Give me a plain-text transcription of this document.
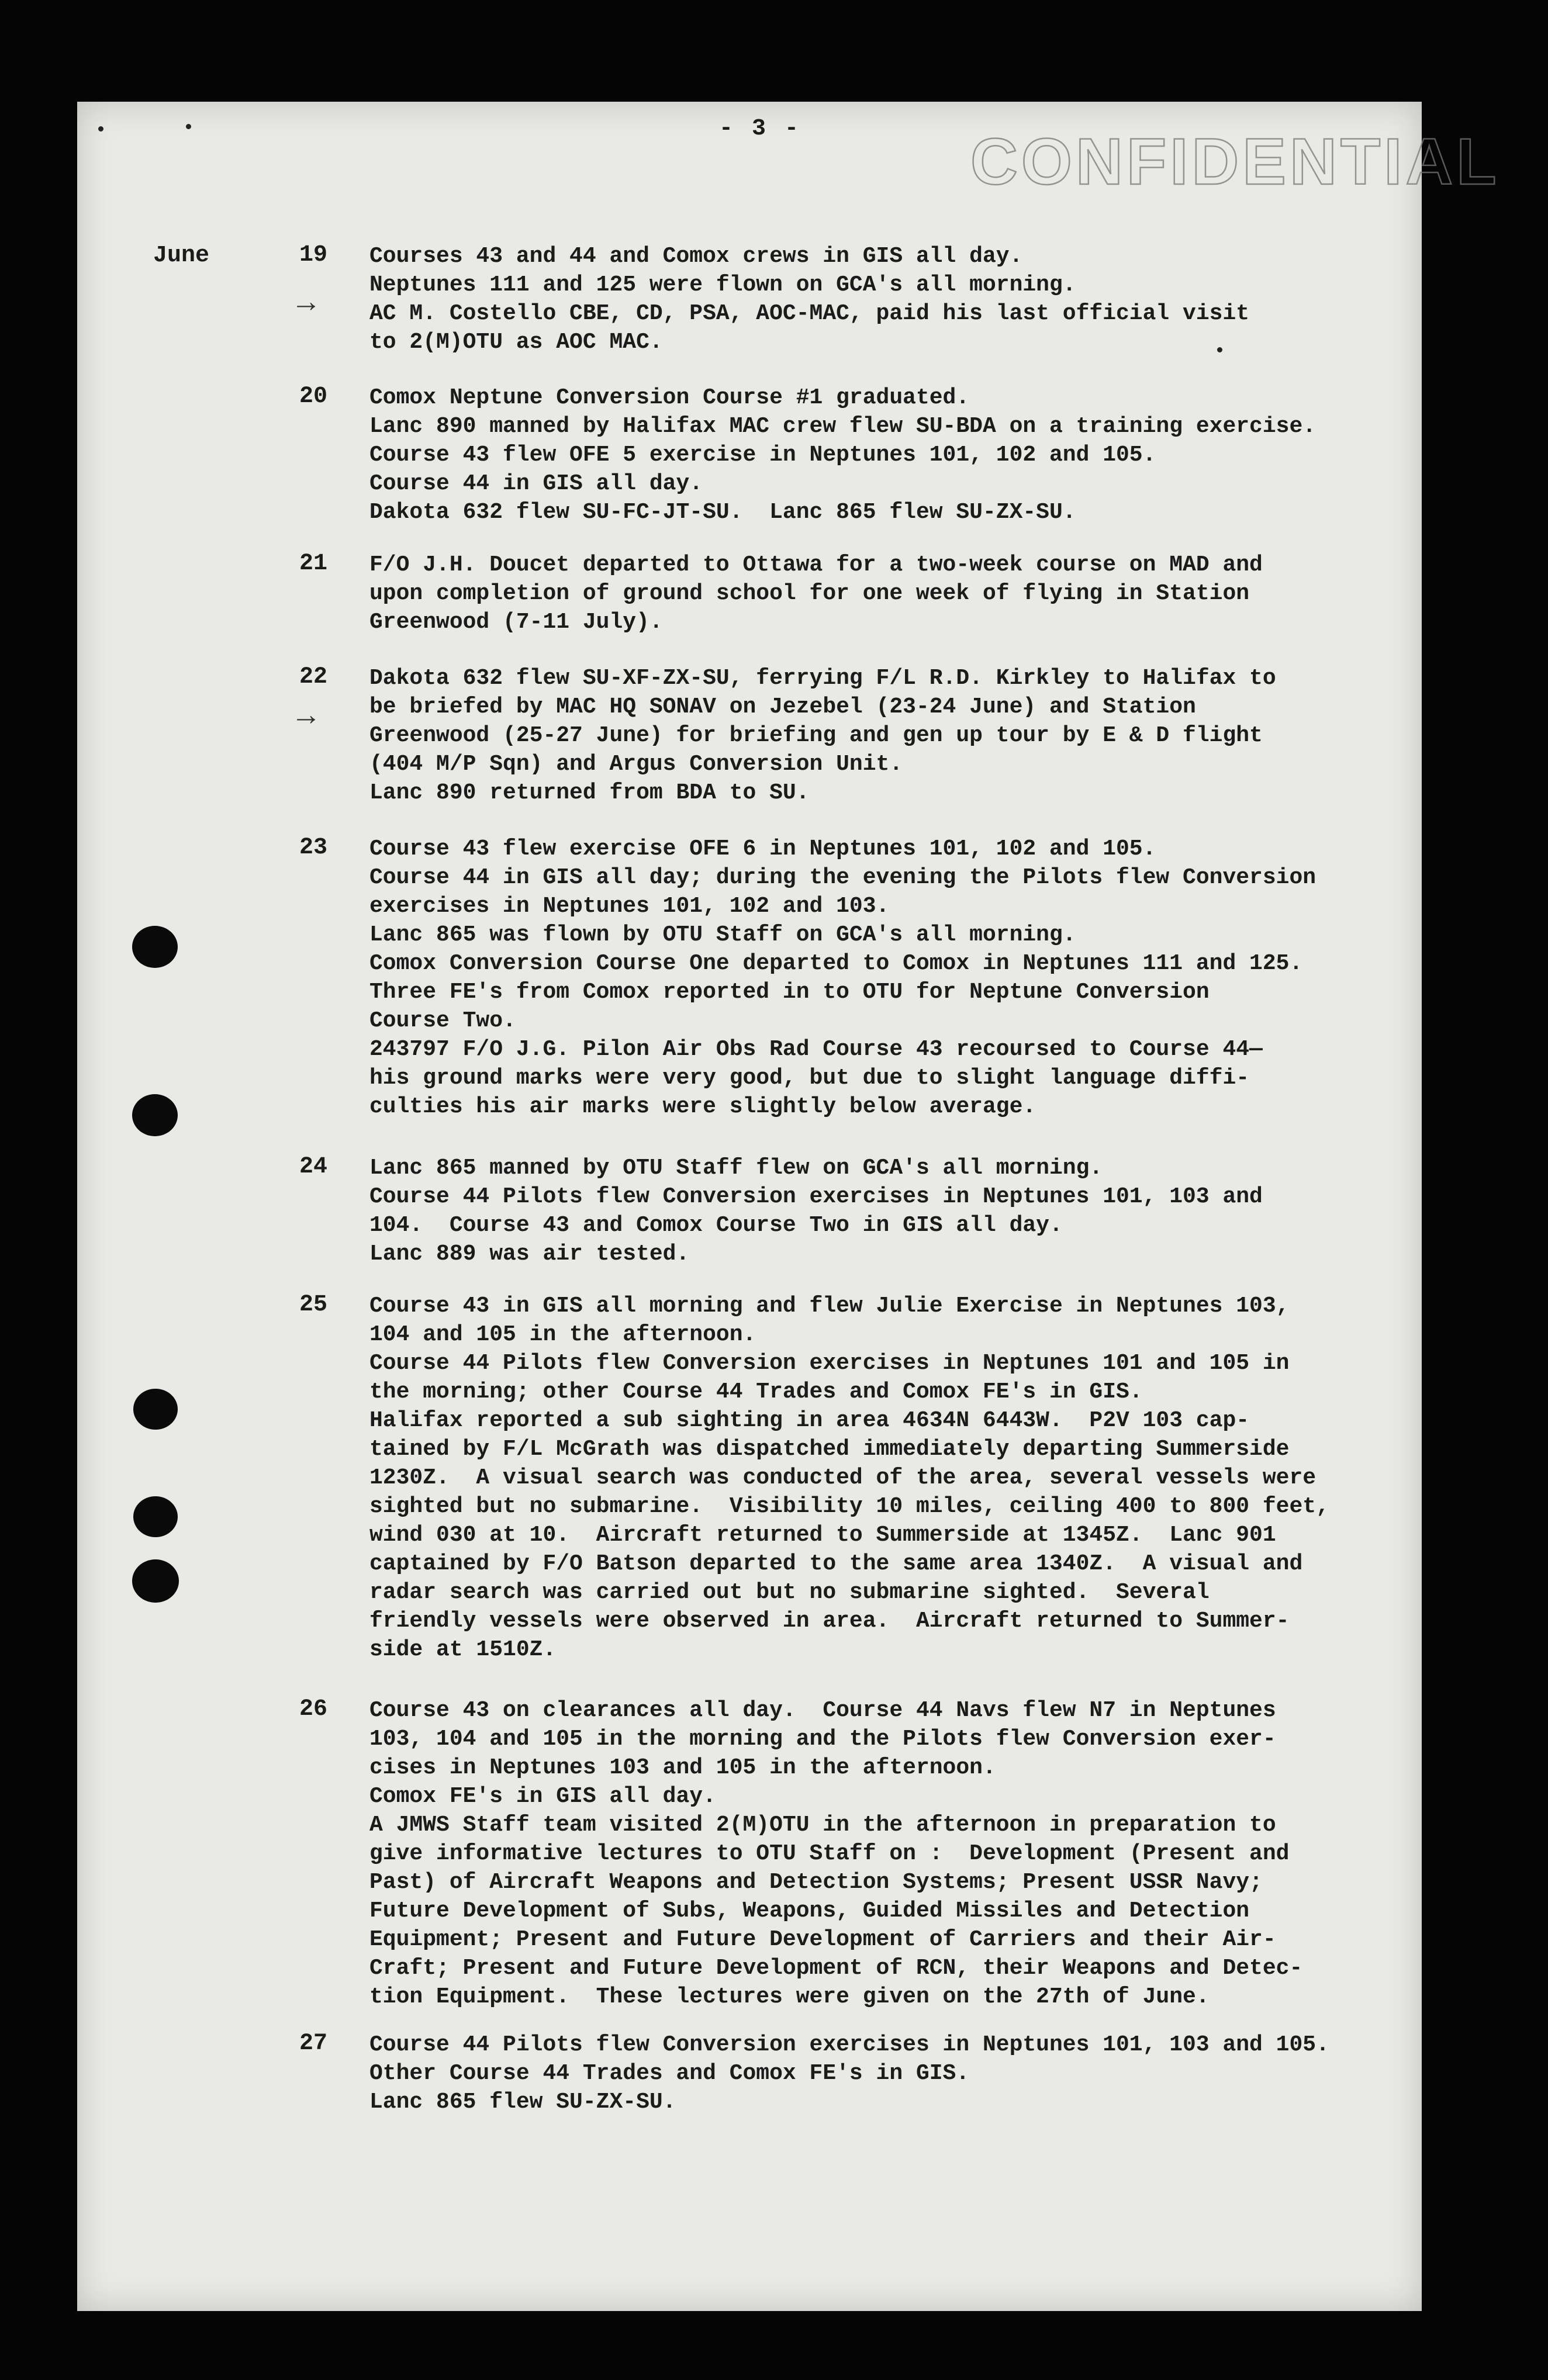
- 3 -	CONFIDENTIAL
June
→
→
19 Courses 43 and 44 and Comox crews in GIS all day.
Neptunes 111 and 125 were flown on GCA's all morning.
AC M. Costello CBE, CD, PSA, AOC-MAC, paid his last official visit
to 2(M)OTU as AOC MAC.
20 Comox Neptune Conversion Course #1 graduated.
Lanc 890 manned by Halifax MAC crew flew SU-BDA on a training exercise.
Course 43 flew OFE 5 exercise in Neptunes 101, 102 and 105.
Course 44 in GIS all day.
Dakota 632 flew SU-FC-JT-SU.  Lanc 865 flew SU-ZX-SU.
21 F/O J.H. Doucet departed to Ottawa for a two-week course on MAD and
upon completion of ground school for one week of flying in Station
Greenwood (7-11 July).
22 Dakota 632 flew SU-XF-ZX-SU, ferrying F/L R.D. Kirkley to Halifax to
be briefed by MAC HQ SONAV on Jezebel (23-24 June) and Station
Greenwood (25-27 June) for briefing and gen up tour by E & D flight
(404 M/P Sqn) and Argus Conversion Unit.
Lanc 890 returned from BDA to SU.
23 Course 43 flew exercise OFE 6 in Neptunes 101, 102 and 105.
Course 44 in GIS all day; during the evening the Pilots flew Conversion
exercises in Neptunes 101, 102 and 103.
Lanc 865 was flown by OTU Staff on GCA's all morning.
Comox Conversion Course One departed to Comox in Neptunes 111 and 125.
Three FE's from Comox reported in to OTU for Neptune Conversion
Course Two.
243797 F/O J.G. Pilon Air Obs Rad Course 43 recoursed to Course 44—
his ground marks were very good, but due to slight language diffi-
culties his air marks were slightly below average.
24 Lanc 865 manned by OTU Staff flew on GCA's all morning.
Course 44 Pilots flew Conversion exercises in Neptunes 101, 103 and
104.  Course 43 and Comox Course Two in GIS all day.
Lanc 889 was air tested.
25 Course 43 in GIS all morning and flew Julie Exercise in Neptunes 103,
104 and 105 in the afternoon.
Course 44 Pilots flew Conversion exercises in Neptunes 101 and 105 in
the morning; other Course 44 Trades and Comox FE's in GIS.
Halifax reported a sub sighting in area 4634N 6443W.  P2V 103 cap-
tained by F/L McGrath was dispatched immediately departing Summerside
1230Z.  A visual search was conducted of the area, several vessels were
sighted but no submarine.  Visibility 10 miles, ceiling 400 to 800 feet,
wind 030 at 10.  Aircraft returned to Summerside at 1345Z.  Lanc 901
captained by F/O Batson departed to the same area 1340Z.  A visual and
radar search was carried out but no submarine sighted.  Several
friendly vessels were observed in area.  Aircraft returned to Summer-
side at 1510Z.
26 Course 43 on clearances all day.  Course 44 Navs flew N7 in Neptunes
103, 104 and 105 in the morning and the Pilots flew Conversion exer-
cises in Neptunes 103 and 105 in the afternoon.
Comox FE's in GIS all day.
A JMWS Staff team visited 2(M)OTU in the afternoon in preparation to
give informative lectures to OTU Staff on :  Development (Present and
Past) of Aircraft Weapons and Detection Systems; Present USSR Navy;
Future Development of Subs, Weapons, Guided Missiles and Detection
Equipment; Present and Future Development of Carriers and their Air-
Craft; Present and Future Development of RCN, their Weapons and Detec-
tion Equipment.  These lectures were given on the 27th of June.
27 Course 44 Pilots flew Conversion exercises in Neptunes 101, 103 and 105.
Other Course 44 Trades and Comox FE's in GIS.
Lanc 865 flew SU-ZX-SU.
